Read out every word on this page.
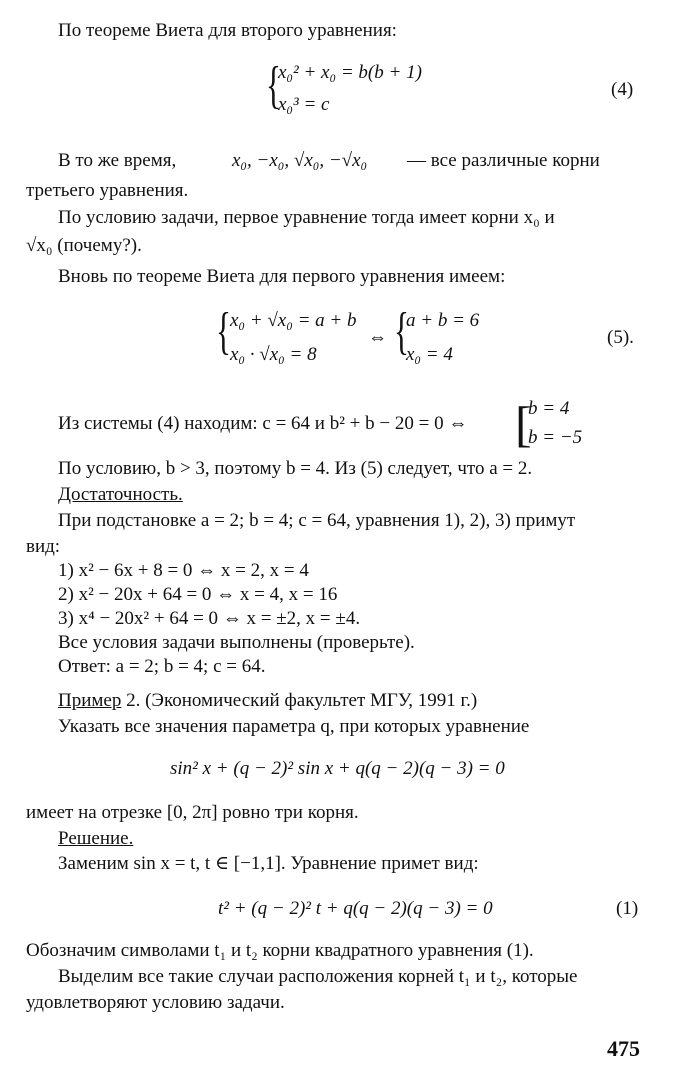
По теореме Виета для второго уравнения:
{
x₀² + x₀ = b(b + 1)
x₀³ = c
(4)
В то же время,	x₀, −x₀, √x₀, −√x₀ — все различные корни
третьего уравнения.
По условию задачи, первое уравнение тогда имеет корни x₀ и
√x₀ (почему?).
Вновь по теореме Виета для первого уравнения имеем:
{ x₀ + √x₀ = a + b
x₀ · √x₀ = 8
⇔ {
a + b = 6
x₀ = 4
(5).
Из системы (4) находим: c = 64 и b² + b − 20 = 0 ⇔ [
b = 4
b = −5
По условию, b > 3, поэтому b = 4. Из (5) следует, что a = 2.
Достаточность.
При подстановке a = 2; b = 4; c = 64, уравнения 1), 2), 3) примут
вид:
1) x² − 6x + 8 = 0 ⇔ x = 2, x = 4
2) x² − 20x + 64 = 0 ⇔ x = 4, x = 16
3) x⁴ − 20x² + 64 = 0 ⇔ x = ±2, x = ±4.
Все условия задачи выполнены (проверьте).
Ответ: a = 2; b = 4; c = 64.
Пример 2. (Экономический факультет МГУ, 1991 г.)
Указать все значения параметра q, при которых уравнение
sin² x + (q − 2)² sin x + q(q − 2)(q − 3) = 0
имеет на отрезке [0, 2π] ровно три корня.
Решение.
Заменим sin x = t, t ∈ [−1,1]. Уравнение примет вид:
t² + (q − 2)² t + q(q − 2)(q − 3) = 0	(1)
Обозначим символами t₁ и t₂ корни квадратного уравнения (1).
Выделим все такие случаи расположения корней t₁ и t₂, которые
удовлетворяют условию задачи.
475
